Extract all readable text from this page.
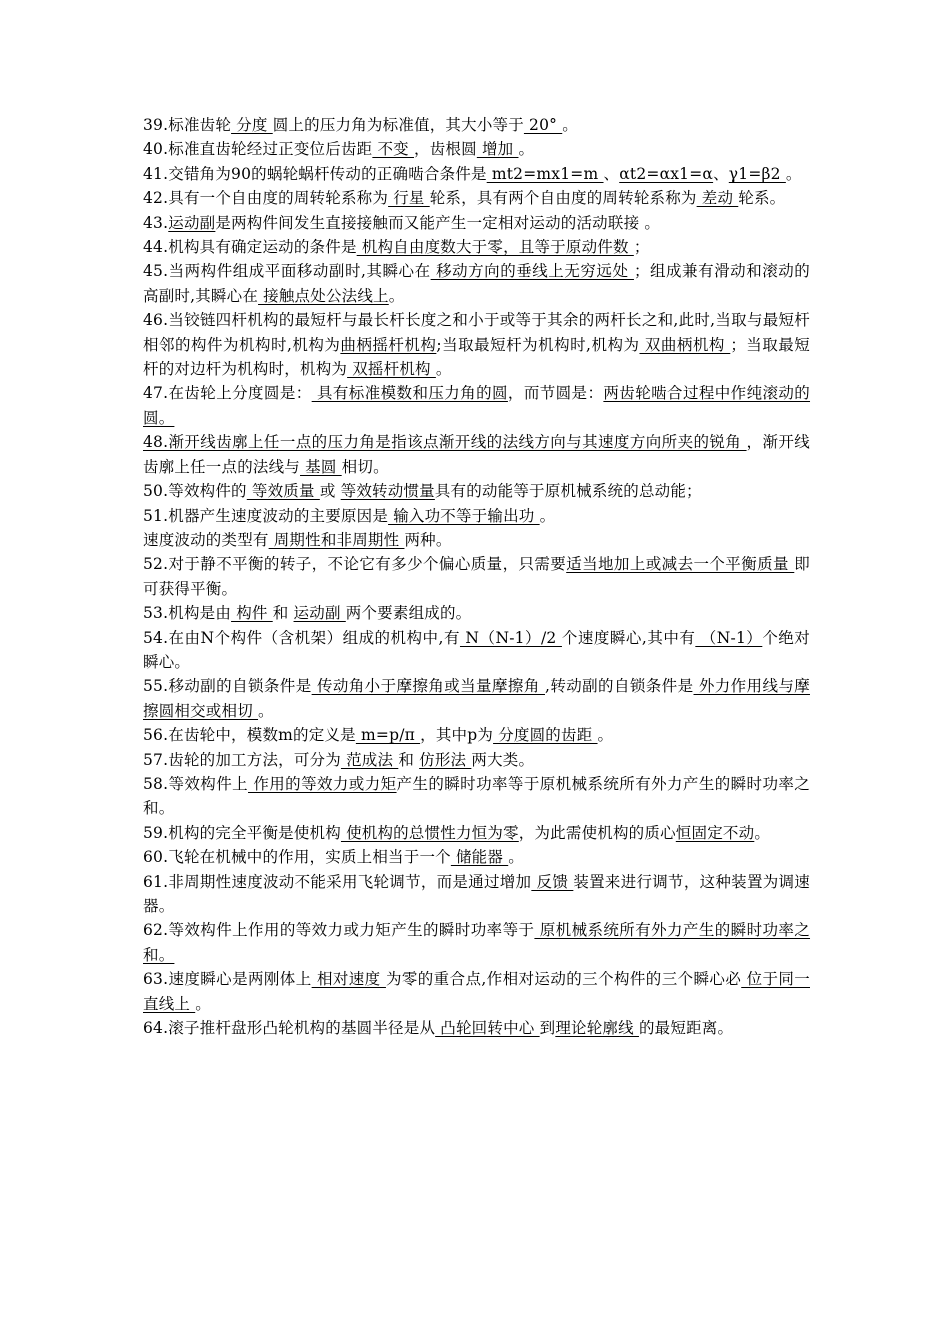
39.标准齿轮 分度 圆上的压力角为标准值，其大小等于 20° 。

40.标准直齿轮经过正变位后齿距 不变 ，齿根圆 增加 。

41.交错角为90的蜗轮蜗杆传动的正确啮合条件是 mt2=mx1=m 、αt2=αx1=α、γ1=β2 。

42.具有一个自由度的周转轮系称为 行星 轮系，具有两个自由度的周转轮系称为 差动 轮系。

43.运动副是两构件间发生直接接触而又能产生一定相对运动的活动联接 。

44.机构具有确定运动的条件是 机构自由度数大于零，且等于原动件数 ；

45.当两构件组成平面移动副时,其瞬心在 移动方向的垂线上无穷远处 ；组成兼有滑动和滚动的高副时,其瞬心在 接触点处公法线上。

46.当铰链四杆机构的最短杆与最长杆长度之和小于或等于其余的两杆长之和,此时,当取与最短杆相邻的构件为机构时,机构为曲柄摇杆机构;当取最短杆为机构时,机构为 双曲柄机构 ；当取最短杆的对边杆为机构时，机构为 双摇杆机构 。

47.在齿轮上分度圆是： 具有标准模数和压力角的圆，而节圆是：两齿轮啮合过程中作纯滚动的圆。

48.渐开线齿廓上任一点的压力角是指该点渐开线的法线方向与其速度方向所夹的锐角 ，渐开线齿廓上任一点的法线与 基圆 相切。

50.等效构件的 等效质量 或 等效转动惯量具有的动能等于原机械系统的总动能；

51.机器产生速度波动的主要原因是 输入功不等于输出功 。

速度波动的类型有 周期性和非周期性 两种。

52.对于静不平衡的转子，不论它有多少个偏心质量，只需要适当地加上或减去一个平衡质量 即可获得平衡。

53.机构是由 构件 和 运动副 两个要素组成的。

54.在由N个构件（含机架）组成的机构中,有 N（N-1）/2 个速度瞬心,其中有 （N-1）个绝对瞬心。

55.移动副的自锁条件是 传动角小于摩擦角或当量摩擦角 ,转动副的自锁条件是 外力作用线与摩擦圆相交或相切 。

56.在齿轮中，模数m的定义是 m=p/π ，其中p为 分度圆的齿距 。

57.齿轮的加工方法，可分为 范成法 和 仿形法 两大类。

58.等效构件上 作用的等效力或力矩产生的瞬时功率等于原机械系统所有外力产生的瞬时功率之和。

59.机构的完全平衡是使机构 使机构的总惯性力恒为零，为此需使机构的质心恒固定不动。

60.飞轮在机械中的作用，实质上相当于一个 储能器 。

61.非周期性速度波动不能采用飞轮调节，而是通过增加 反馈 装置来进行调节，这种装置为调速器。

62.等效构件上作用的等效力或力矩产生的瞬时功率等于 原机械系统所有外力产生的瞬时功率之和。

63.速度瞬心是两刚体上 相对速度 为零的重合点,作相对运动的三个构件的三个瞬心必 位于同一直线上 。

64.滚子推杆盘形凸轮机构的基圆半径是从 凸轮回转中心 到理论轮廓线 的最短距离。
